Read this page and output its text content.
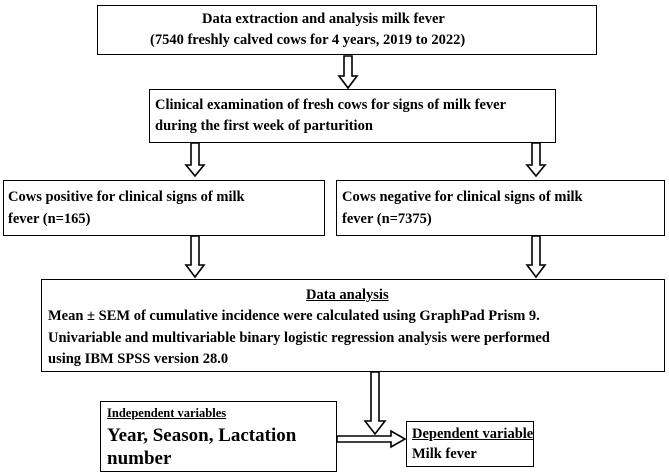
Data extraction and analysis milk fever
(7540 freshly calved cows for 4 years, 2019 to 2022)
Clinical examination of fresh cows for signs of milk fever
during the first week of parturition
Cows positive for clinical signs of milk
fever (n=165)
Cows negative for clinical signs of milk
fever (n=7375)
Data analysis
Mean ± SEM of cumulative incidence were calculated using GraphPad Prism 9.
Univariable and multivariable binary logistic regression analysis were performed
using IBM SPSS version 28.0
Independent variables
Year, Season, Lactation
number
Dependent variable
Milk fever
